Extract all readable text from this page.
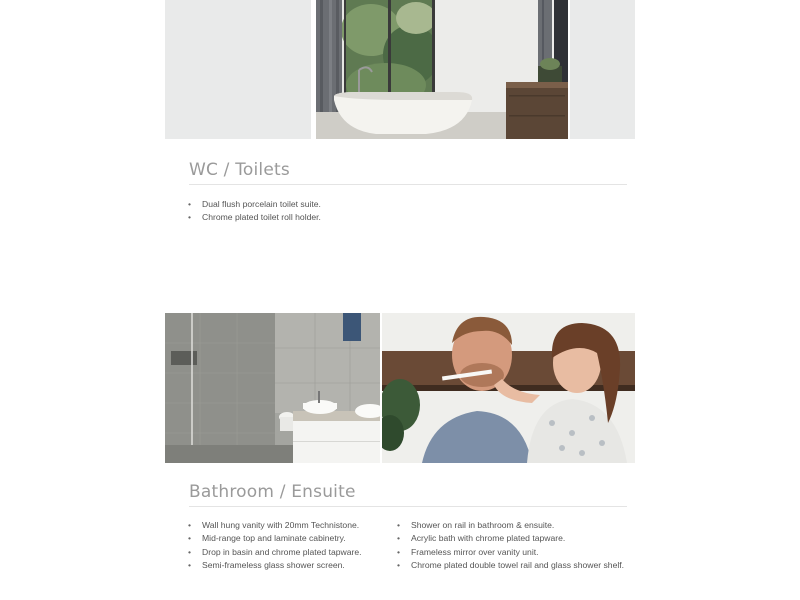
WC / Toilets
• Dual flush porcelain toilet suite.
• Chrome plated toilet roll holder.
Bathroom / Ensuite
• Wall hung vanity with 20mm Technistone.
• Mid-range top and laminate cabinetry.
• Drop in basin and chrome plated tapware.
• Semi-frameless glass shower screen.
• Shower on rail in bathroom & ensuite.
• Acrylic bath with chrome plated tapware.
• Frameless mirror over vanity unit.
• Chrome plated double towel rail and glass shower shelf.
